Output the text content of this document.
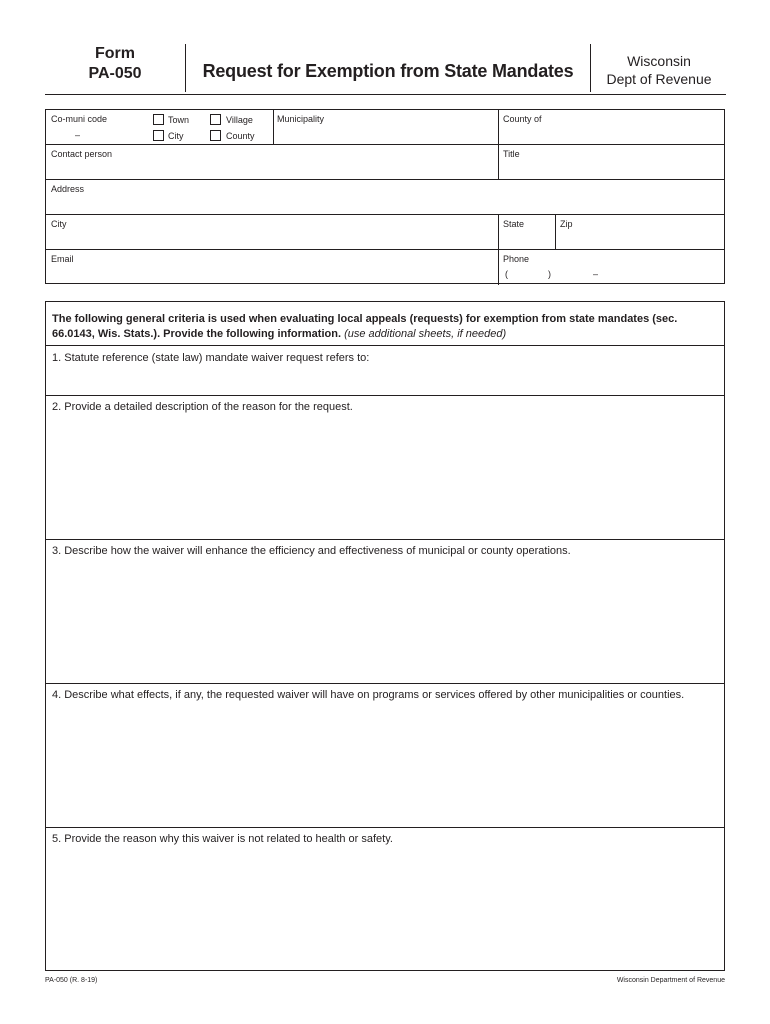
Form
PA-050	Request for Exemption from State Mandates	Wisconsin
Dept of Revenue
Co-muni code
–
Town	Village
City	County
Municipality	County of
Contact person	Title
Address
City	State	Zip
Email	Phone
(	)	–
The following general criteria is used when evaluating local appeals (requests) for exemption from state mandates (sec. 66.0143, Wis. Stats.). Provide the following information. (use additional sheets, if needed)
1. Statute reference (state law) mandate waiver request refers to:
2. Provide a detailed description of the reason for the request.
3. Describe how the waiver will enhance the efficiency and effectiveness of municipal or county operations.
4. Describe what effects, if any, the requested waiver will have on programs or services offered by other municipalities or counties.
5. Provide the reason why this waiver is not related to health or safety.
PA-050 (R. 8-19)	Wisconsin Department of Revenue
